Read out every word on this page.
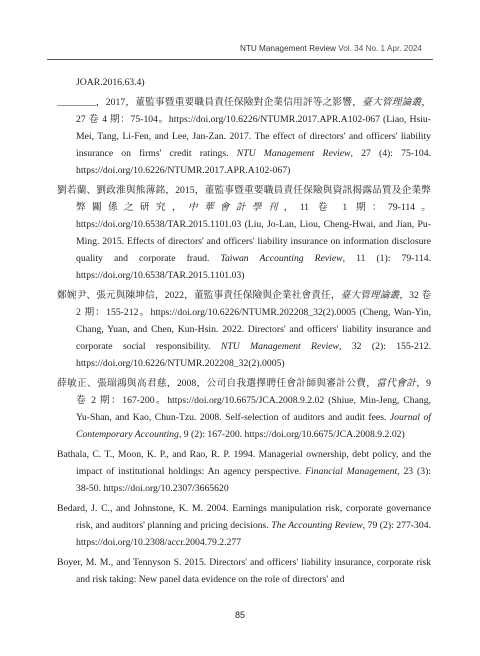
NTU Management Review Vol. 34 No. 1 Apr. 2024

JOAR.2016.63.4)

________，2017，董監事暨重要職員責任保險對企業信用評等之影響，臺大管理論叢，27 卷 4 期：75-104。https://doi.org/10.6226/NTUMR.2017.APR.A102-067 (Liao, Hsiu-Mei, Tang, Li-Fen, and Lee, Jan-Zan. 2017. The effect of directors' and officers' liability insurance on firms' credit ratings. NTU Management Review, 27 (4): 75-104. https://doi.org/10.6226/NTUMR.2017.APR.A102-067)

劉若蘭、劉政淮與熊薄銘，2015，董監事暨重要職員責任保險與資訊揭露品質及企業弊弊關係之研究，中華會計學刊，11 卷 1 期：79-114。https://doi.org/10.6538/TAR.2015.1101.03 (Liu, Jo-Lan, Liou, Cheng-Hwai, and Jian, Pu-Ming. 2015. Effects of directors' and officers' liability insurance on information disclosure quality and corporate fraud. Taiwan Accounting Review, 11 (1): 79-114. https://doi.org/10.6538/TAR.2015.1101.03)

鄭婉尹、張元與陳坤信，2022，董監事責任保險與企業社會責任，臺大管理論叢，32 卷 2 期：155-212。https://doi.org/10.6226/NTUMR.202208_32(2).0005 (Cheng, Wan-Yin, Chang, Yuan, and Chen, Kun-Hsin. 2022. Directors' and officers' liability insurance and corporate social responsibility. NTU Management Review, 32 (2): 155-212. https://doi.org/10.6226/NTUMR.202208_32(2).0005)

薛敏正、張瑞鴻與高君慈，2008，公司自我選擇聘任會計師與審計公費，當代會計，9 卷 2 期：167-200。https://doi.org/10.6675/JCA.2008.9.2.02 (Shiue, Min-Jeng, Chang, Yu-Shan, and Kao, Chun-Tzu. 2008. Self-selection of auditors and audit fees. Journal of Contemporary Accounting, 9 (2): 167-200. https://doi.org/10.6675/JCA.2008.9.2.02)

Bathala, C. T., Moon, K. P., and Rao, R. P. 1994. Managerial ownership, debt policy, and the impact of institutional holdings: An agency perspective. Financial Management, 23 (3): 38-50. https://doi.org/10.2307/3665620

Bedard, J. C., and Johnstone, K. M. 2004. Earnings manipulation risk, corporate governance risk, and auditors' planning and pricing decisions. The Accounting Review, 79 (2): 277-304. https://doi.org/10.2308/accr.2004.79.2.277

Boyer, M. M., and Tennyson S. 2015. Directors' and officers' liability insurance, corporate risk and risk taking: New panel data evidence on the role of directors' and

85
